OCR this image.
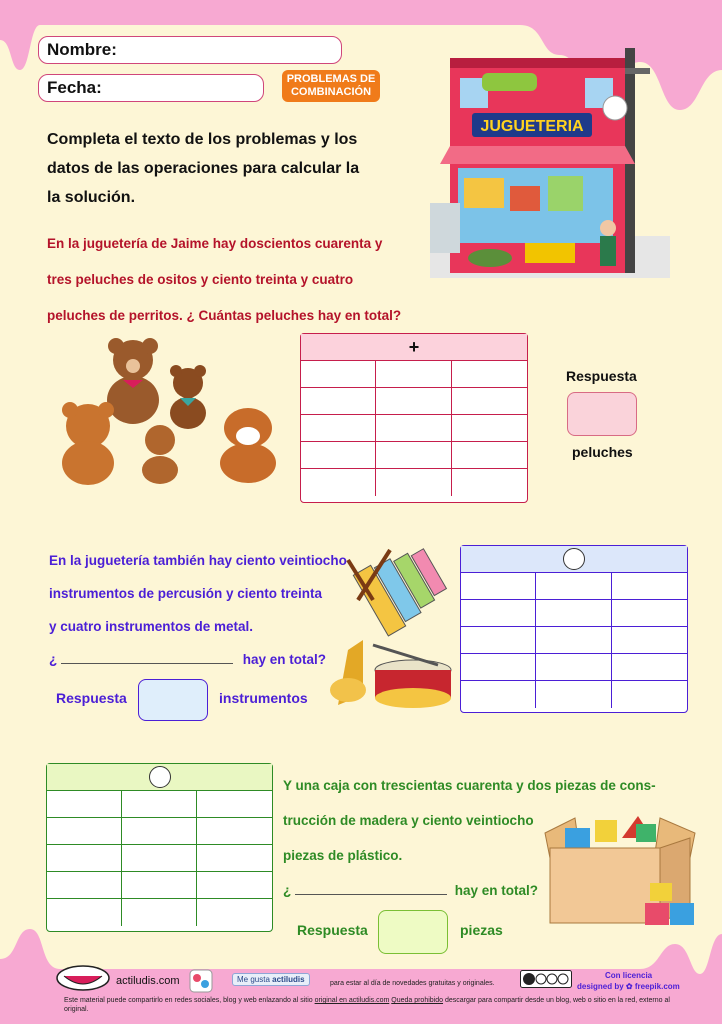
Nombre:
Fecha:	PROBLEMAS DE COMBINACIÓN
JUGUETERIA
Completa el texto de los problemas y los
datos de las operaciones para calcular la
la solución.
En la juguetería de Jaime hay doscientos cuarenta y
tres peluches de ositos y ciento treinta y cuatro
peluches de perritos. ¿ Cuántas peluches hay en total?
+
Respuesta
peluches
En la juguetería también hay ciento veintiocho
instrumentos de percusión y ciento treinta
y cuatro instrumentos de metal.
¿	hay en total?
Respuesta	instrumentos
Y una caja con trescientas cuarenta y dos piezas de cons-
trucción de madera y ciento veintiocho
piezas de plástico.
¿	hay en total?
Respuesta	piezas
actiludis.com	Me gusta actiludis	para estar al día de novedades gratuitas y originales.
Con licencia
designed by ✿ freepik.com
Este material puede compartirlo en redes sociales, blog y web enlazando al sitio original en actiludis.com Queda prohibido descargar para compartir desde un blog, web o sitio en la red, externo al original.
